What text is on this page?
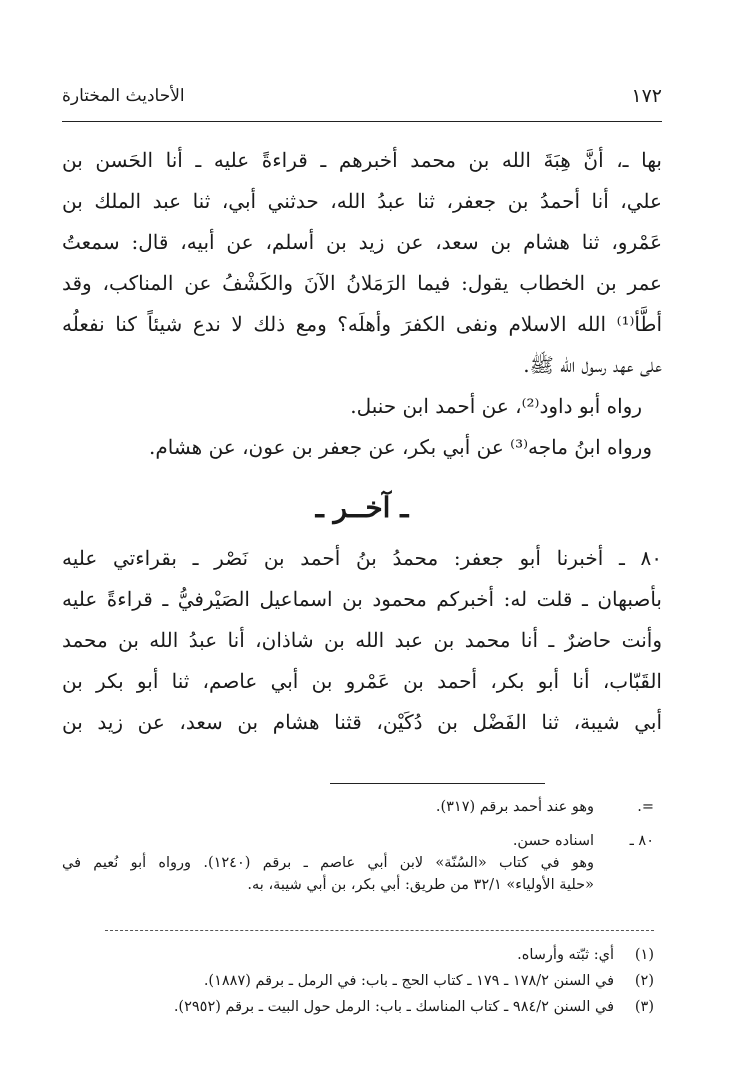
١٧٢
الأحاديث المختارة

بها ـ، أنَّ هِبَةَ الله بن محمد أخبرهم ـ قراءةً عليه ـ أنا الحَسن بن
علي، أنا أحمدُ بن جعفر، ثنا عبدُ الله، حدثني أبي، ثنا عبد الملك بن
عَمْرو، ثنا هشام بن سعد، عن زيد بن أسلم، عن أبيه، قال: سمعتُ
عمر بن الخطاب يقول: فيما الرَمَلانُ الآنَ والكَشْفُ عن المناكب، وقد
أطَّأ⁽¹⁾ الله الاسلام ونفى الكفرَ وأهلَه؟ ومع ذلك لا ندع شيئاً كنا نفعلُه
على عهد رسول الله ﷺ.

رواه أبو داود⁽²⁾، عن أحمد ابن حنبل.

ورواه ابنُ ماجه⁽³⁾ عن أبي بكر، عن جعفر بن عون، عن هشام.

ـ آخــر ـ

٨٠ ـ أخبرنا أبو جعفر: محمدُ بنُ أحمد بن نَصْر ـ بقراءتي عليه
بأصبهان ـ قلت له: أخبركم محمود بن اسماعيل الصَيْرفيُّ ـ قراءةً عليه
وأنت حاضرٌ ـ أنا محمد بن عبد الله بن شاذان، أنا عبدُ الله بن محمد
القَبّاب، أنا أبو بكر، أحمد بن عَمْرو بن أبي عاصم، ثنا أبو بكر بن
أبي شيبة، ثنا الفَضْل بن دُكَيْن، قثنا هشام بن سعد، عن زيد بن

=.
وهو عند أحمد برقم (٣١٧).
٨٠ ـ
اسناده حسن.
وهو في كتاب «السُنّة» لابن أبي عاصم ـ برقم (١٢٤٠). ورواه أبو نُعيم في
«حلية الأولياء» ٣٢/١ من طريق: أبي بكر، بن أبي شيبة، به.
(١)
أي: ثبّته وأرساه.
(٢)
في السنن ١٧٨/٢ ـ ١٧٩ ـ كتاب الحج ـ باب: في الرمل ـ برقم (١٨٨٧).
(٣)
في السنن ٩٨٤/٢ ـ كتاب المناسك ـ باب: الرمل حول البيت ـ برقم (٢٩٥٢).
